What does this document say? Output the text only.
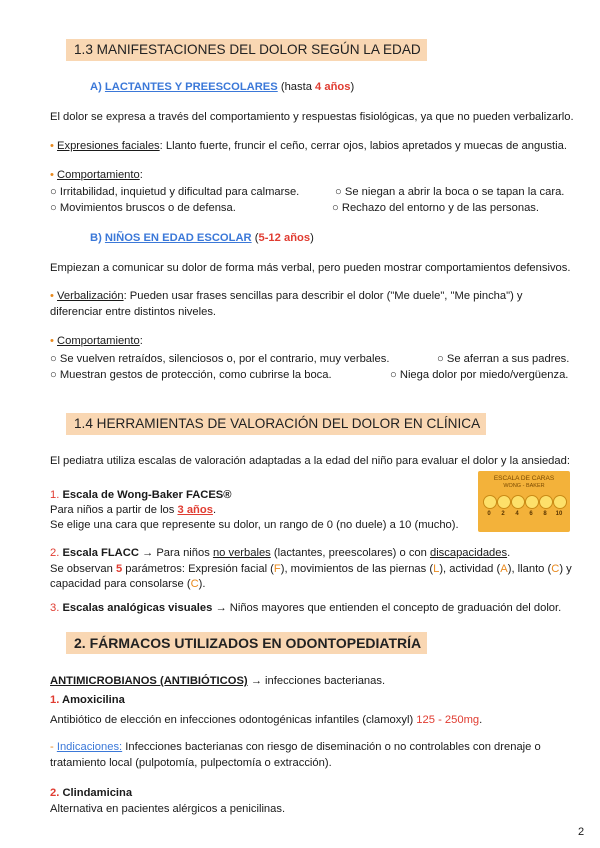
1.3 MANIFESTACIONES DEL DOLOR SEGÚN LA EDAD
A) LACTANTES Y PREESCOLARES (hasta 4 años)
El dolor se expresa a través del comportamiento y respuestas fisiológicas, ya que no pueden verbalizarlo.
• Expresiones faciales: Llanto fuerte, fruncir el ceño, cerrar ojos, labios apretados y muecas de angustia.
• Comportamiento:
○ Irritabilidad, inquietud y dificultad para calmarse.	○ Se niegan a abrir la boca o se tapan la cara.
○ Movimientos bruscos o de defensa.	○ Rechazo del entorno y de las personas.
B) NIÑOS EN EDAD ESCOLAR (5-12 años)
Empiezan a comunicar su dolor de forma más verbal, pero pueden mostrar comportamientos defensivos.
• Verbalización: Pueden usar frases sencillas para describir el dolor ("Me duele", "Me pincha") y
diferenciar entre distintos niveles.
• Comportamiento:
○ Se vuelven retraídos, silenciosos o, por el contrario, muy verbales.	○ Se aferran a sus padres.
○ Muestran gestos de protección, como cubrirse la boca.	○ Niega dolor por miedo/vergüenza.
1.4 HERRAMIENTAS DE VALORACIÓN DEL DOLOR EN CLÍNICA
El pediatra utiliza escalas de valoración adaptadas a la edad del niño para evaluar el dolor y la ansiedad:
1. Escala de Wong-Baker FACES®
Para niños a partir de los 3 años.
Se elige una cara que represente su dolor, un rango de 0 (no duele) a 10 (mucho).
ESCALA DE CARAS
WONG - BAKER
0	2	4	6	8	10
2. Escala FLACC → Para niños no verbales (lactantes, preescolares) o con discapacidades.
Se observan 5 parámetros: Expresión facial (F), movimientos de las piernas (L), actividad (A), llanto (C) y
capacidad para consolarse (C).
3. Escalas analógicas visuales → Niños mayores que entienden el concepto de graduación del dolor.
2. FÁRMACOS UTILIZADOS EN ODONTOPEDIATRÍA
ANTIMICROBIANOS (ANTIBIÓTICOS) → infecciones bacterianas.
1. Amoxicilina
Antibiótico de elección en infecciones odontogénicas infantiles (clamoxyl) 125 - 250mg.
- Indicaciones: Infecciones bacterianas con riesgo de diseminación o no controlables con drenaje o
tratamiento local (pulpotomía, pulpectomía o extracción).
2. Clindamicina
Alternativa en pacientes alérgicos a penicilinas.
2
